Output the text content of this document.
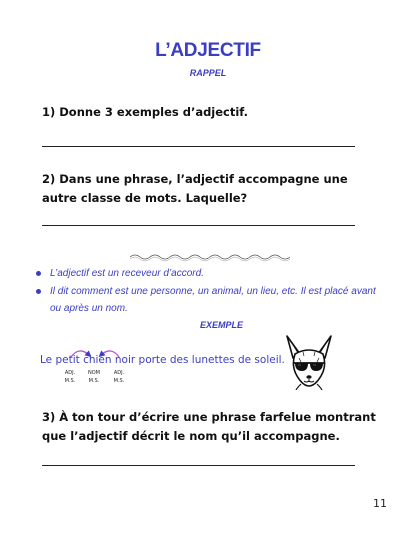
L’ADJECTIF
RAPPEL
1) Donne 3 exemples d’adjectif.
2) Dans une phrase, l’adjectif accompagne une autre classe de mots. Laquelle?
L’adjectif est un receveur d’accord.
Il dit comment est une personne, un animal, un lieu, etc. Il est placé avant ou après un nom.
EXEMPLE
Le petit chien noir porte des lunettes de soleil.
ADJ.
M.S.
NOM
M.S.
ADJ.
M.S.
3) À ton tour d’écrire une phrase farfelue montrant que l’adjectif décrit le nom qu’il accompagne.
11
